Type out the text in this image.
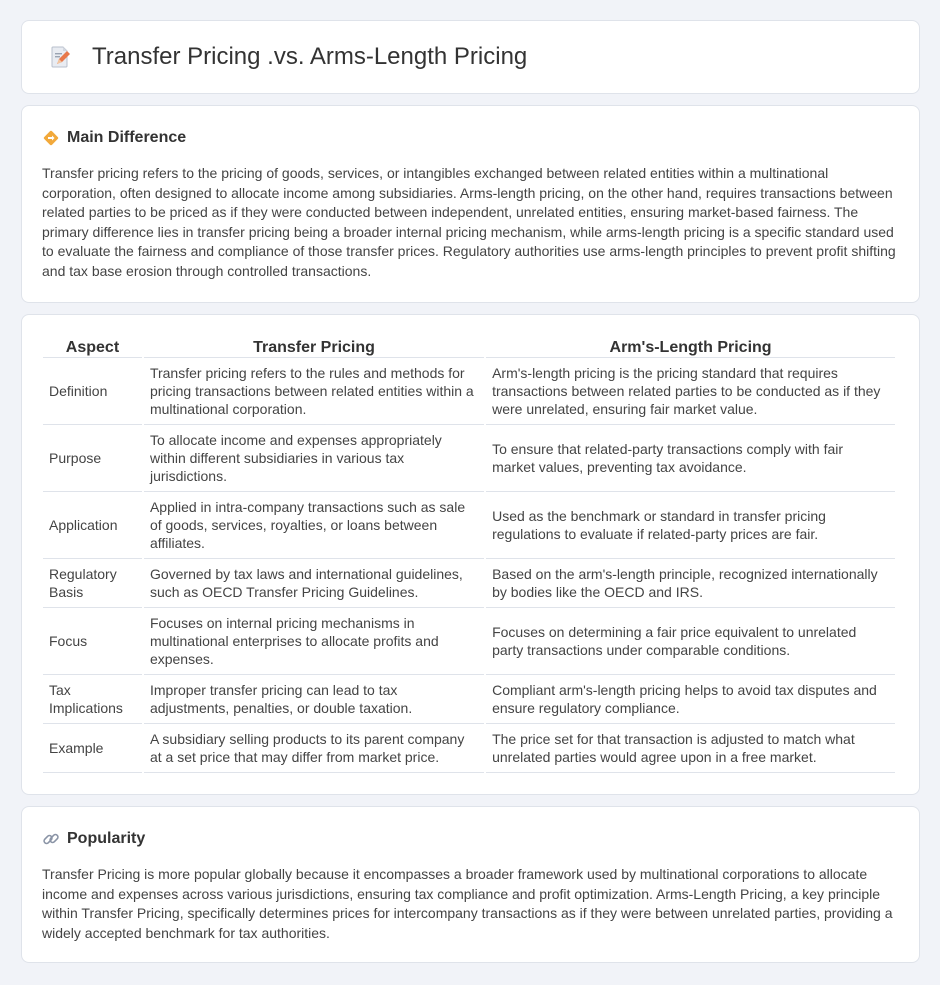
Transfer Pricing .vs. Arms-Length Pricing
Main Difference

Transfer pricing refers to the pricing of goods, services, or intangibles exchanged between related entities within a multinational corporation, often designed to allocate income among subsidiaries. Arms-length pricing, on the other hand, requires transactions between related parties to be priced as if they were conducted between independent, unrelated entities, ensuring market-based fairness. The primary difference lies in transfer pricing being a broader internal pricing mechanism, while arms-length pricing is a specific standard used to evaluate the fairness and compliance of those transfer prices. Regulatory authorities use arms-length principles to prevent profit shifting and tax base erosion through controlled transactions.

Aspect	Transfer Pricing	Arm's-Length Pricing
Definition	Transfer pricing refers to the rules and methods for pricing transactions between related entities within a multinational corporation.	Arm's-length pricing is the pricing standard that requires transactions between related parties to be conducted as if they were unrelated, ensuring fair market value.
Purpose	To allocate income and expenses appropriately within different subsidiaries in various tax jurisdictions.	To ensure that related-party transactions comply with fair market values, preventing tax avoidance.
Application	Applied in intra-company transactions such as sale of goods, services, royalties, or loans between affiliates.	Used as the benchmark or standard in transfer pricing regulations to evaluate if related-party prices are fair.
Regulatory Basis	Governed by tax laws and international guidelines, such as OECD Transfer Pricing Guidelines.	Based on the arm's-length principle, recognized internationally by bodies like the OECD and IRS.
Focus	Focuses on internal pricing mechanisms in multinational enterprises to allocate profits and expenses.	Focuses on determining a fair price equivalent to unrelated party transactions under comparable conditions.
Tax Implications	Improper transfer pricing can lead to tax adjustments, penalties, or double taxation.	Compliant arm's-length pricing helps to avoid tax disputes and ensure regulatory compliance.
Example	A subsidiary selling products to its parent company at a set price that may differ from market price.	The price set for that transaction is adjusted to match what unrelated parties would agree upon in a free market.
Popularity

Transfer Pricing is more popular globally because it encompasses a broader framework used by multinational corporations to allocate income and expenses across various jurisdictions, ensuring tax compliance and profit optimization. Arms-Length Pricing, a key principle within Transfer Pricing, specifically determines prices for intercompany transactions as if they were between unrelated parties, providing a widely accepted benchmark for tax authorities.
